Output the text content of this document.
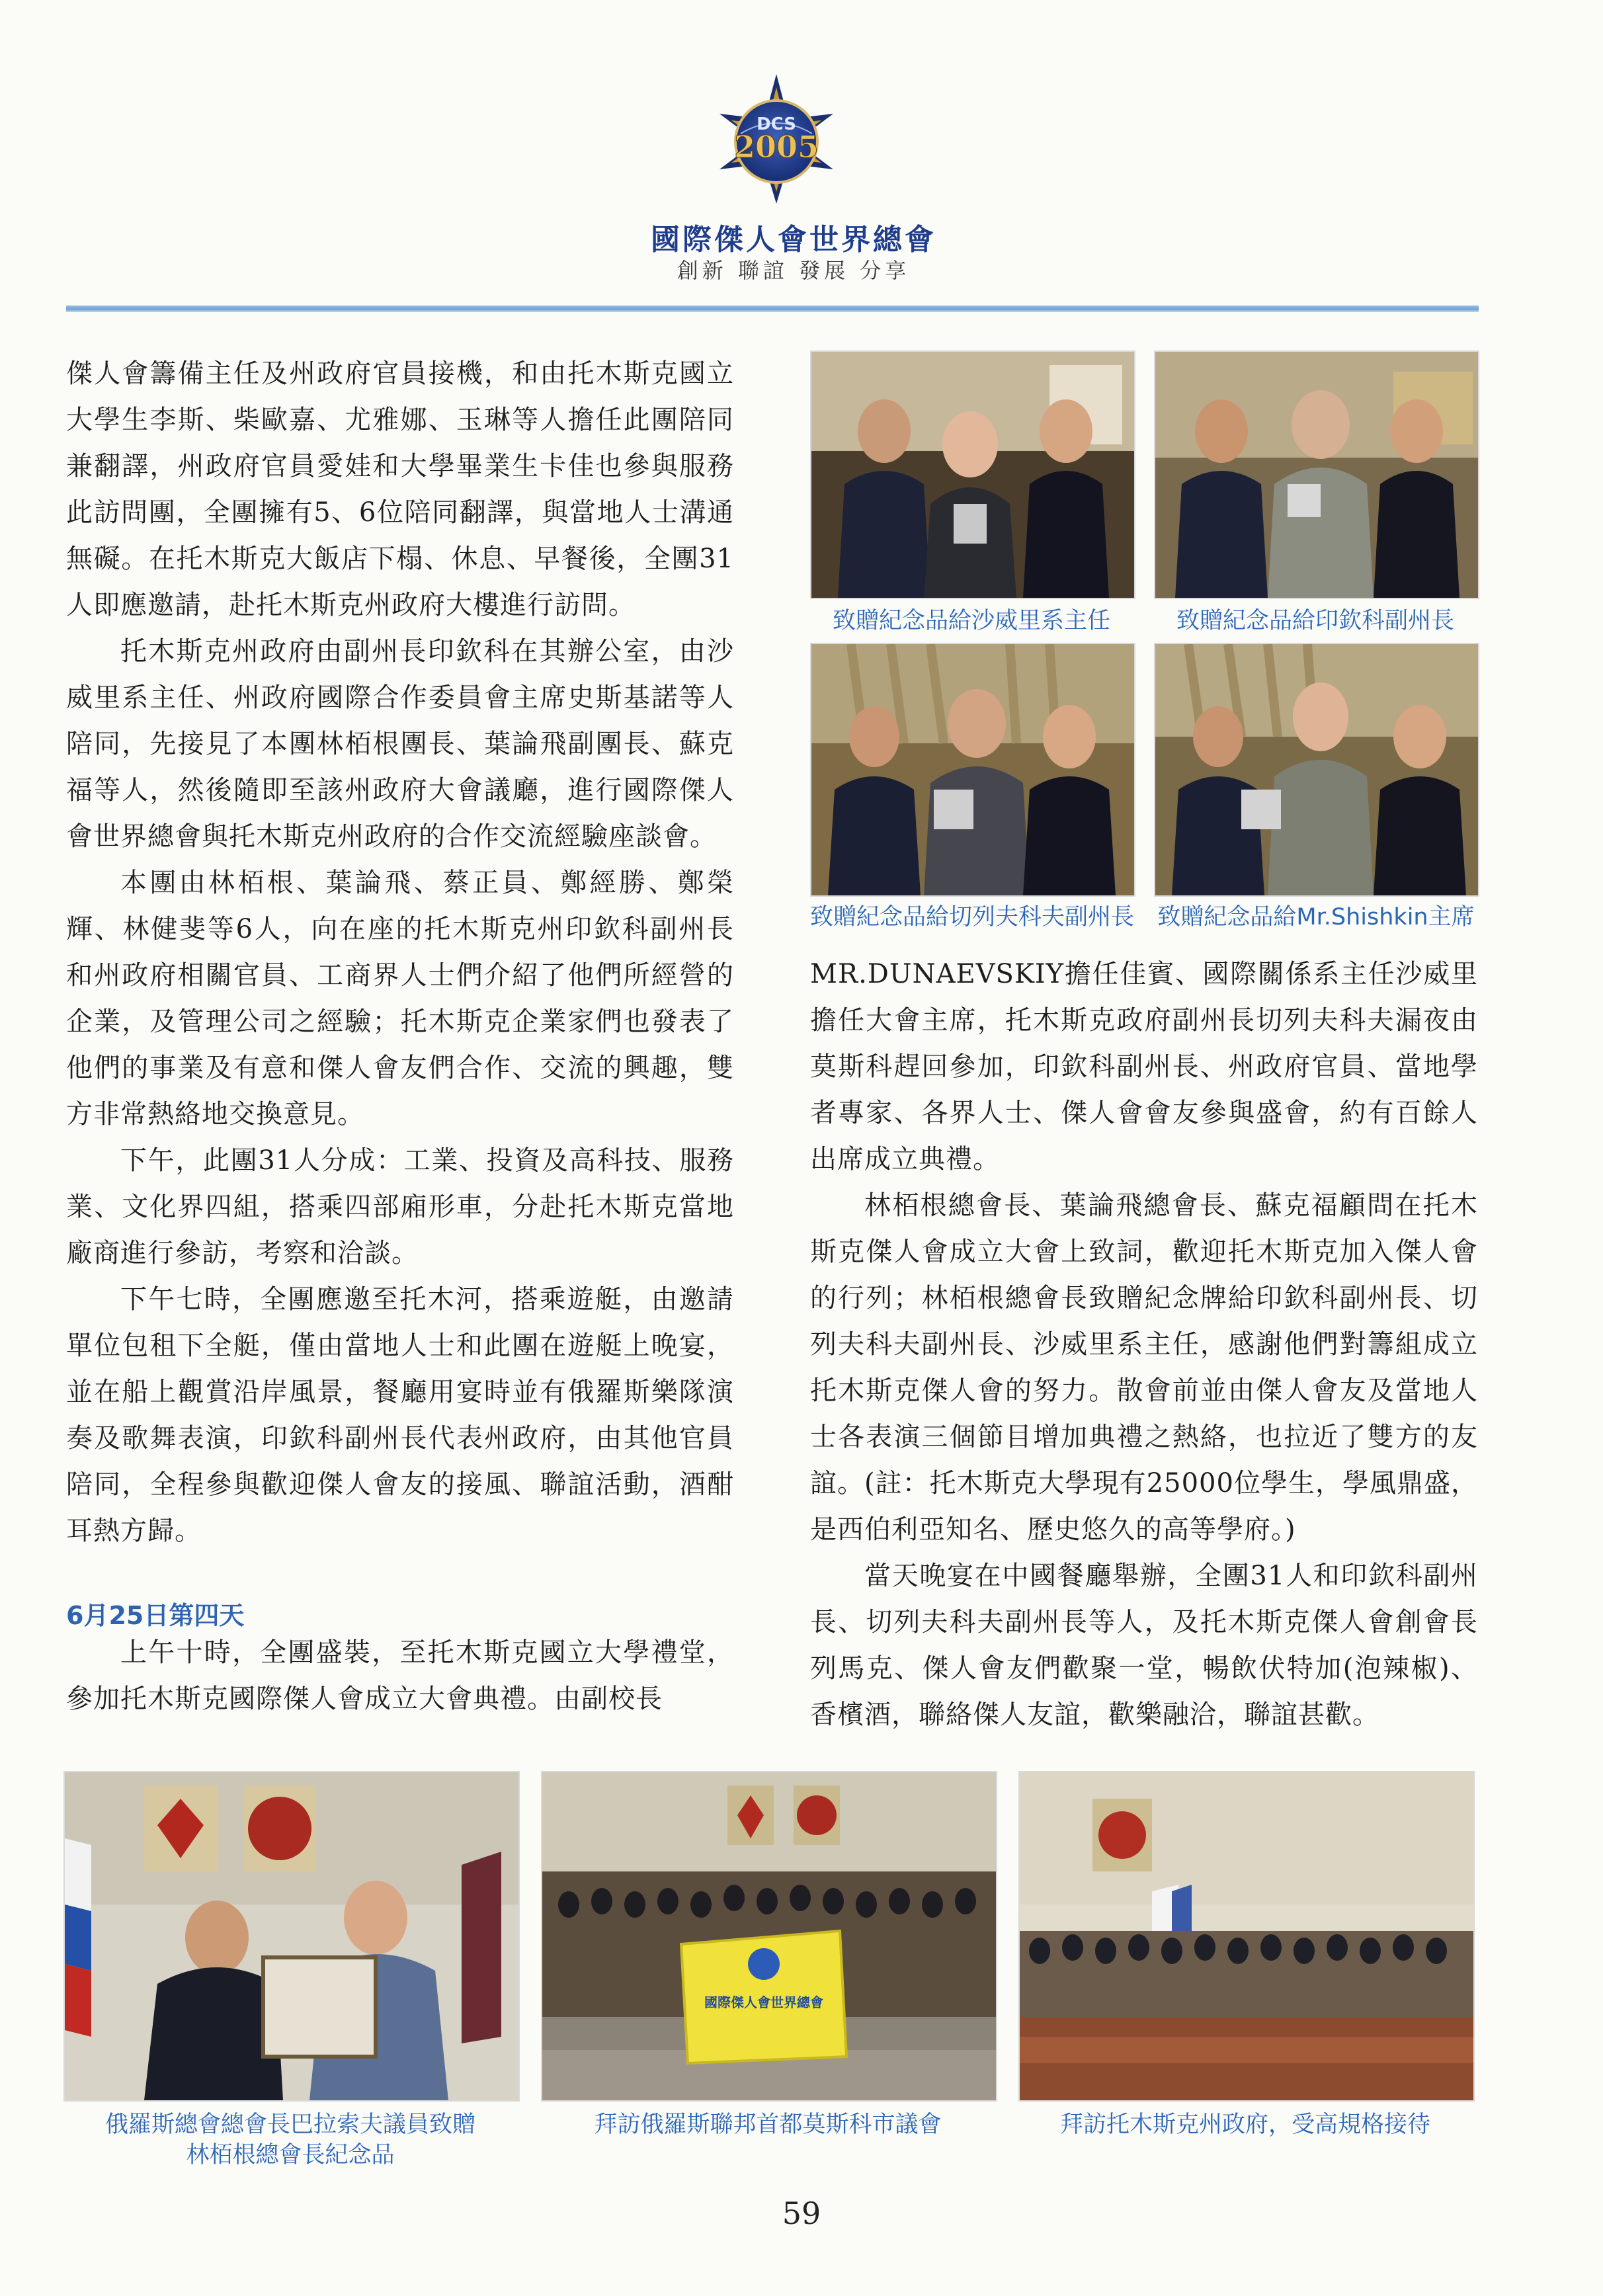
DCS
2005
國際傑人會世界總會
創新 聯誼 發展 分享

傑人會籌備主任及州政府官員接機，和由托木斯克國立大學生李斯、柴歐嘉、尤雅娜、玉琳等人擔任此團陪同兼翻譯，州政府官員愛娃和大學畢業生卡佳也參與服務此訪問團，全團擁有5、6位陪同翻譯，與當地人士溝通無礙。在托木斯克大飯店下榻、休息、早餐後，全團31人即應邀請，赴托木斯克州政府大樓進行訪問。

托木斯克州政府由副州長印欽科在其辦公室，由沙威里系主任、州政府國際合作委員會主席史斯基諾等人陪同，先接見了本團林栢根團長、葉論飛副團長、蘇克福等人，然後隨即至該州政府大會議廳，進行國際傑人會世界總會與托木斯克州政府的合作交流經驗座談會。

本團由林栢根、葉論飛、蔡正員、鄭經勝、鄭榮輝、林健斐等6人，向在座的托木斯克州印欽科副州長和州政府相關官員、工商界人士們介紹了他們所經營的企業，及管理公司之經驗；托木斯克企業家們也發表了他們的事業及有意和傑人會友們合作、交流的興趣，雙方非常熱絡地交換意見。

下午，此團31人分成：工業、投資及高科技、服務業、文化界四組，搭乘四部廂形車，分赴托木斯克當地廠商進行參訪，考察和洽談。

下午七時，全團應邀至托木河，搭乘遊艇，由邀請單位包租下全艇，僅由當地人士和此團在遊艇上晚宴，並在船上觀賞沿岸風景，餐廳用宴時並有俄羅斯樂隊演奏及歌舞表演，印欽科副州長代表州政府，由其他官員陪同，全程參與歡迎傑人會友的接風、聯誼活動，酒酣耳熱方歸。

6月25日第四天

上午十時，全團盛裝，至托木斯克國立大學禮堂，參加托木斯克國際傑人會成立大會典禮。由副校長

致贈紀念品給沙威里系主任	致贈紀念品給印欽科副州長
致贈紀念品給切列夫科夫副州長 致贈紀念品給Mr.Shishkin主席

MR.DUNAEVSKIY擔任佳賓、國際關係系主任沙威里擔任大會主席，托木斯克政府副州長切列夫科夫漏夜由莫斯科趕回參加，印欽科副州長、州政府官員、當地學者專家、各界人士、傑人會會友參與盛會，約有百餘人出席成立典禮。

林栢根總會長、葉論飛總會長、蘇克福顧問在托木斯克傑人會成立大會上致詞，歡迎托木斯克加入傑人會的行列；林栢根總會長致贈紀念牌給印欽科副州長、切列夫科夫副州長、沙威里系主任，感謝他們對籌組成立托木斯克傑人會的努力。散會前並由傑人會友及當地人士各表演三個節目增加典禮之熱絡，也拉近了雙方的友誼。(註：托木斯克大學現有25000位學生，學風鼎盛，是西伯利亞知名、歷史悠久的高等學府。)

當天晚宴在中國餐廳舉辦，全團31人和印欽科副州長、切列夫科夫副州長等人，及托木斯克傑人會創會長列馬克、傑人會友們歡聚一堂，暢飲伏特加(泡辣椒)、香檳酒，聯絡傑人友誼，歡樂融洽，聯誼甚歡。

國際傑人會世界總會
俄羅斯總會總會長巴拉索夫議員致贈
林栢根總會長紀念品
拜訪俄羅斯聯邦首都莫斯科市議會	拜訪托木斯克州政府，受高規格接待
59
